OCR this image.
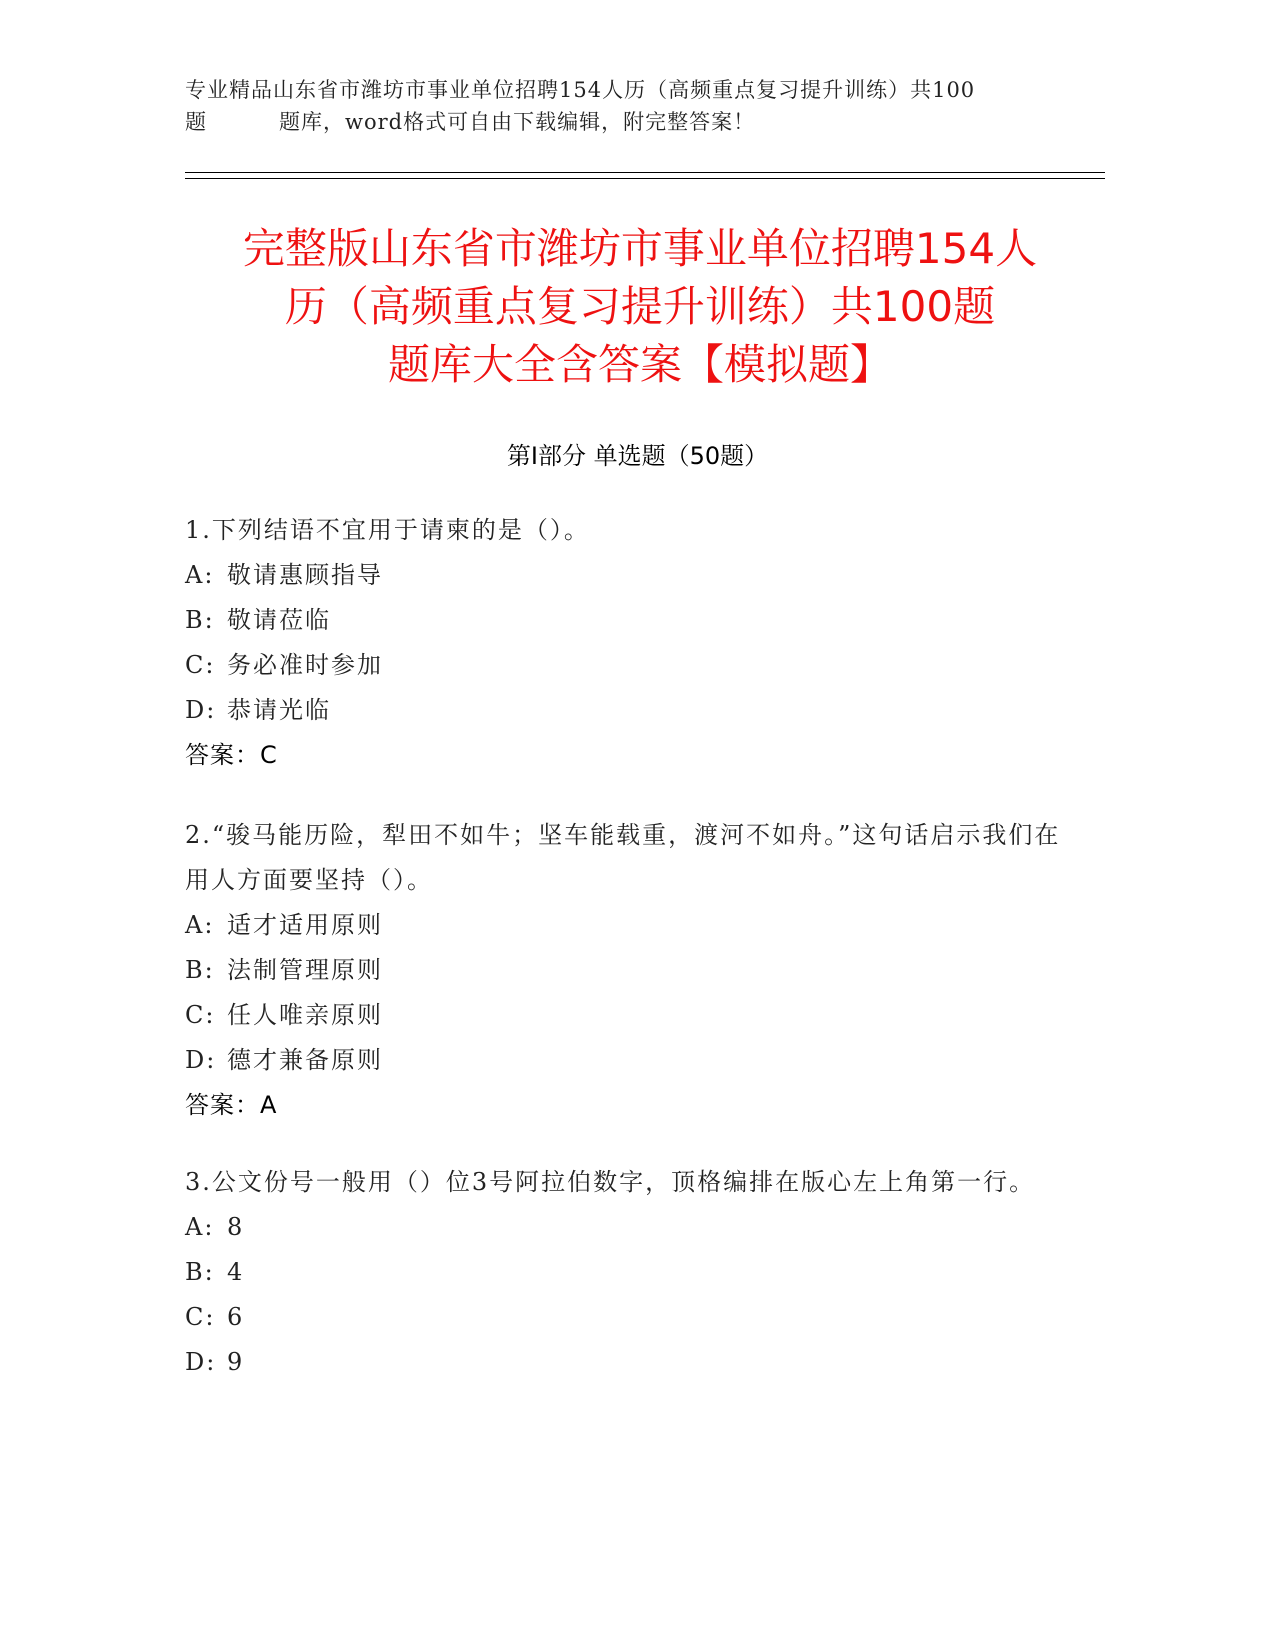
专业精品山东省市潍坊市事业单位招聘154人历（高频重点复习提升训练）共100

题	题库，word格式可自由下载编辑，附完整答案！
完整版山东省市潍坊市事业单位招聘154人
历（高频重点复习提升训练）共100题
题库大全含答案【模拟题】
第I部分 单选题（50题）
1.下列结语不宜用于请柬的是（）。
A: 敬请惠顾指导
B: 敬请莅临
C: 务必准时参加
D: 恭请光临
答案：C
2.“骏马能历险，犁田不如牛；坚车能载重，渡河不如舟。”这句话启示我们在用人方面要坚持（）。
A: 适才适用原则
B: 法制管理原则
C: 任人唯亲原则
D: 德才兼备原则
答案：A
3.公文份号一般用（）位3号阿拉伯数字，顶格编排在版心左上角第一行。
A: 8
B: 4
C: 6
D: 9
